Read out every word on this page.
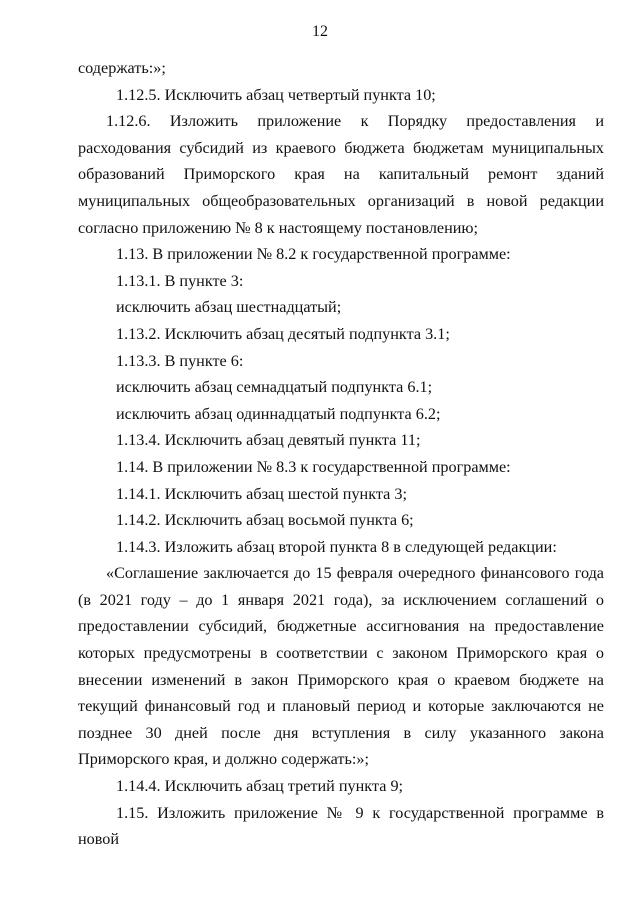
12

содержать:»;

1.12.5. Исключить абзац четвертый пункта 10;

1.12.6. Изложить приложение к Порядку предоставления и расходования субсидий из краевого бюджета бюджетам муниципальных образований Приморского края на капитальный ремонт зданий муниципальных общеобразовательных организаций в новой редакции согласно приложению № 8 к настоящему постановлению;

1.13. В приложении № 8.2 к государственной программе:

1.13.1. В пункте 3:

исключить абзац шестнадцатый;

1.13.2. Исключить абзац десятый подпункта 3.1;

1.13.3. В пункте 6:

исключить абзац семнадцатый подпункта 6.1;

исключить абзац одиннадцатый подпункта 6.2;

1.13.4. Исключить абзац девятый пункта 11;

1.14. В приложении № 8.3 к государственной программе:

1.14.1. Исключить абзац шестой пункта 3;

1.14.2. Исключить абзац восьмой пункта 6;

1.14.3. Изложить абзац второй пункта 8 в следующей редакции:

«Соглашение заключается до 15 февраля очередного финансового года (в 2021 году – до 1 января 2021 года), за исключением соглашений о предоставлении субсидий, бюджетные ассигнования на предоставление которых предусмотрены в соответствии с законом Приморского края о внесении изменений в закон Приморского края о краевом бюджете на текущий финансовый год и плановый период и которые заключаются не позднее 30 дней после дня вступления в силу указанного закона Приморского края, и должно содержать:»;

1.14.4. Исключить абзац третий пункта 9;

1.15. Изложить приложение № 9 к государственной программе в новой
